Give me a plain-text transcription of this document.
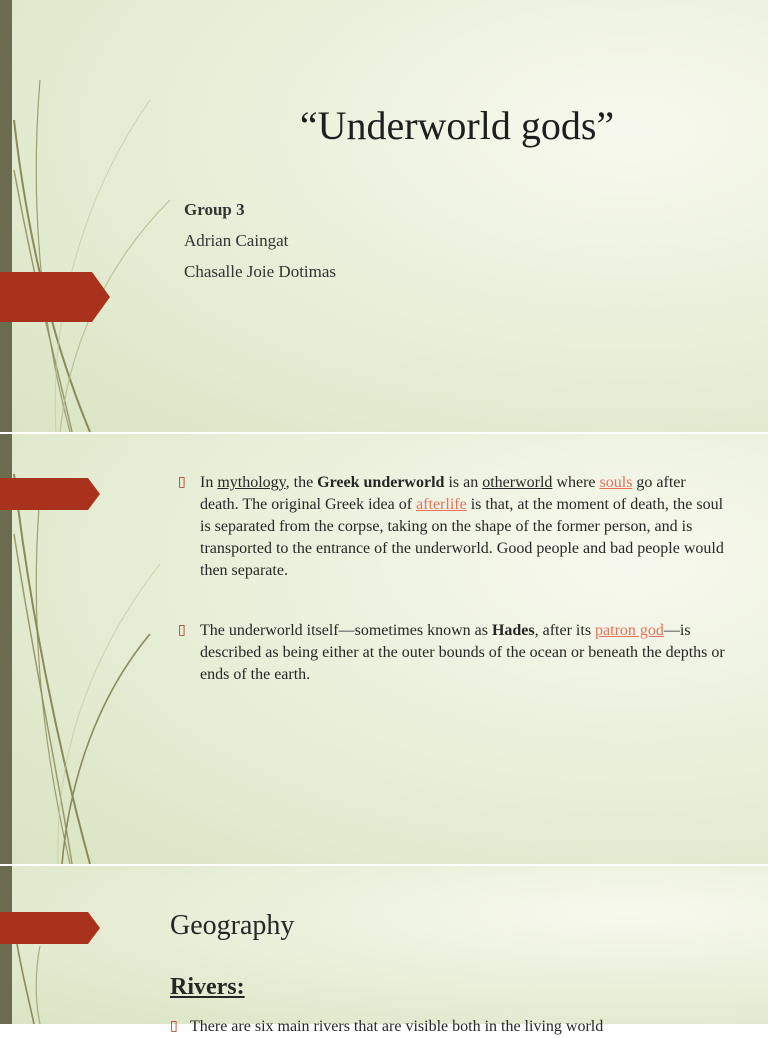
“Underworld gods”
Group 3
Adrian Caingat
Chasalle Joie Dotimas
▯ In mythology, the Greek underworld is an otherworld where souls go after death. The original Greek idea of afterlife is that, at the moment of death, the soul is separated from the corpse, taking on the shape of the former person, and is transported to the entrance of the underworld. Good people and bad people would then separate.
▯ The underworld itself—sometimes known as Hades, after its patron god—is described as being either at the outer bounds of the ocean or beneath the depths or ends of the earth.
Geography
Rivers:
▯ There are six main rivers that are visible both in the living world
